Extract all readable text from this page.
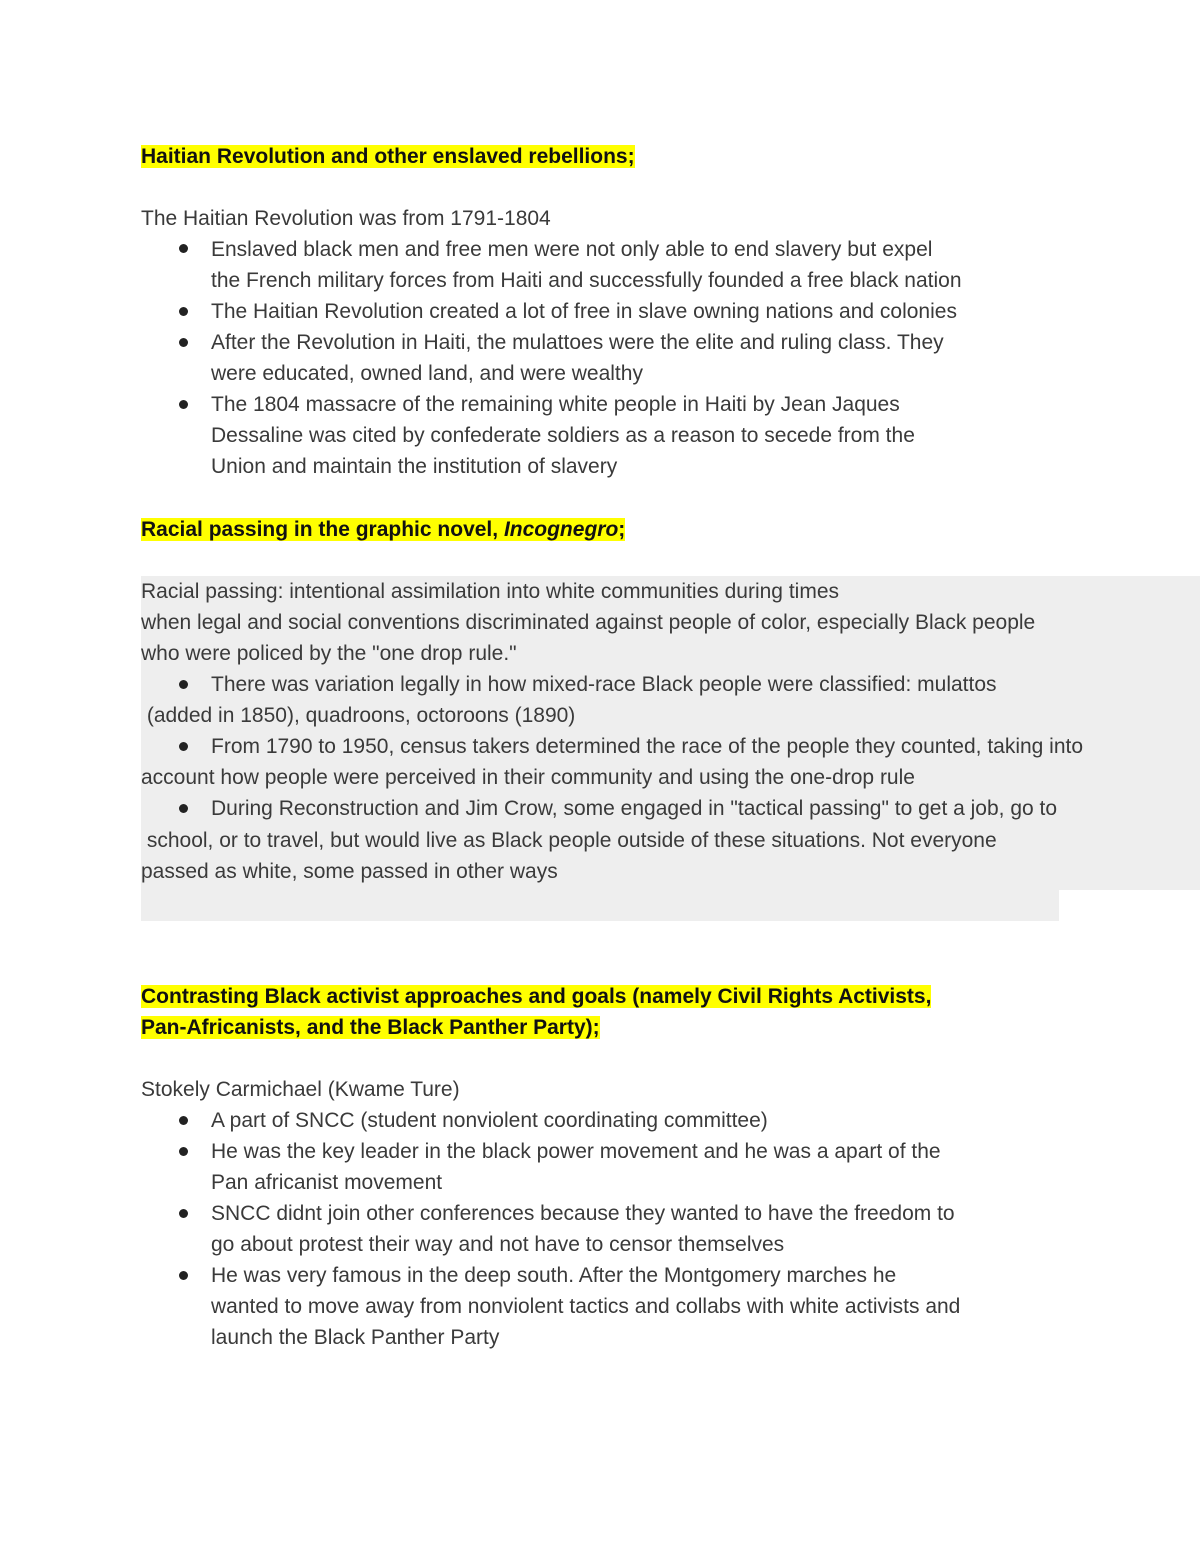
Haitian Revolution and other enslaved rebellions;
The Haitian Revolution was from 1791-1804
Enslaved black men and free men were not only able to end slavery but expel
the French military forces from Haiti and successfully founded a free black nation
The Haitian Revolution created a lot of free in slave owning nations and colonies
After the Revolution in Haiti, the mulattoes were the elite and ruling class. They
were educated, owned land, and were wealthy
The 1804 massacre of the remaining white people in Haiti by Jean Jaques
Dessaline was cited by confederate soldiers as a reason to secede from the
Union and maintain the institution of slavery
Racial passing in the graphic novel, Incognegro;
Racial passing: intentional assimilation into white communities during times
when legal and social conventions discriminated against people of color, especially Black people
who were policed by the "one drop rule."
There was variation legally in how mixed-race Black people were classified: mulattos
(added in 1850), quadroons, octoroons (1890)
From 1790 to 1950, census takers determined the race of the people they counted, taking into
account how people were perceived in their community and using the one-drop rule
During Reconstruction and Jim Crow, some engaged in "tactical passing" to get a job, go to
school, or to travel, but would live as Black people outside of these situations. Not everyone
passed as white, some passed in other ways
Contrasting Black activist approaches and goals (namely Civil Rights Activists,
Pan-Africanists, and the Black Panther Party);
Stokely Carmichael (Kwame Ture)
A part of SNCC (student nonviolent coordinating committee)
He was the key leader in the black power movement and he was a apart of the
Pan africanist movement
SNCC didnt join other conferences because they wanted to have the freedom to
go about protest their way and not have to censor themselves
He was very famous in the deep south. After the Montgomery marches he
wanted to move away from nonviolent tactics and collabs with white activists and
launch the Black Panther Party
